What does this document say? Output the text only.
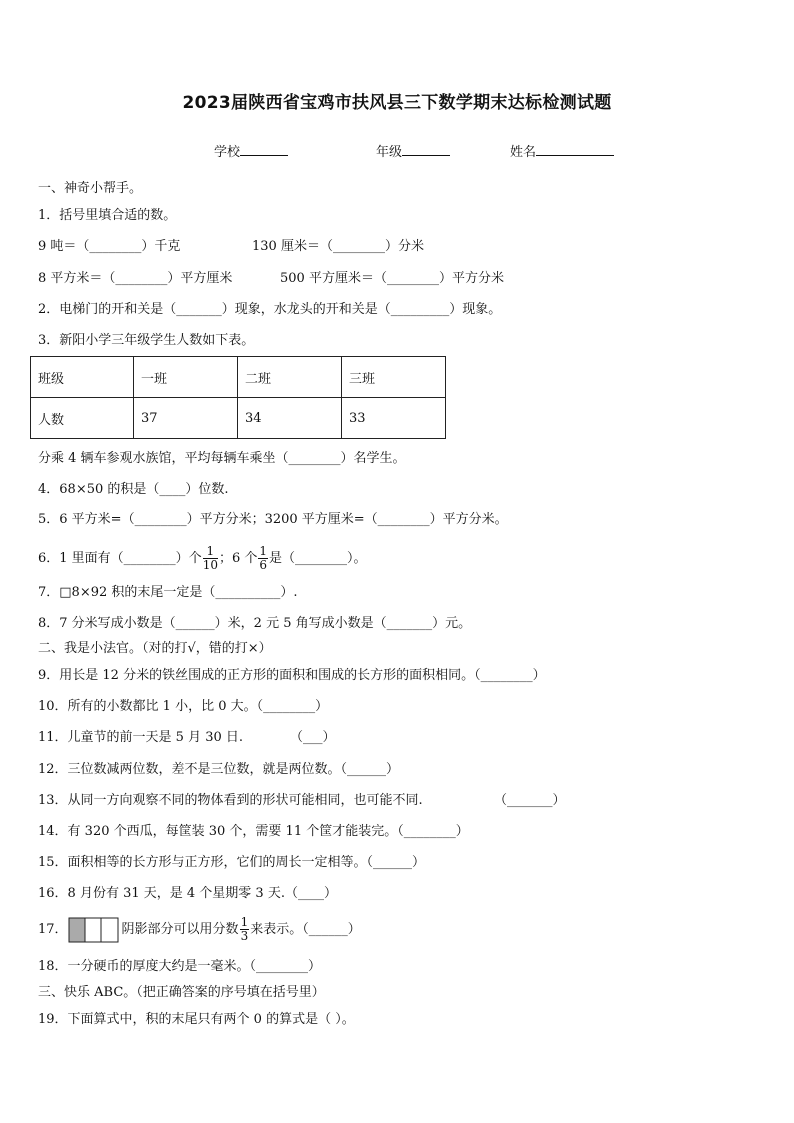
2023届陕西省宝鸡市扶风县三下数学期末达标检测试题
学校	年级	姓名
一、神奇小帮手。
1．括号里填合适的数。
9 吨＝（________）千克	130 厘米＝（________）分米
8 平方米＝（________）平方厘米	500 平方厘米＝（________）平方分米
2．电梯门的开和关是（_______）现象，水龙头的开和关是（_________）现象。
3．新阳小学三年级学生人数如下表。
班级	一班	二班	三班
人数	37	34	33
分乘 4 辆车参观水族馆，平均每辆车乘坐（________）名学生。
4．68×50 的积是（____）位数.
5．6 平方米=（________）平方分米；3200 平方厘米=（________）平方分米。
6．1 里面有（________）个 $\frac{1}{10}$ ；6 个 $\frac{1}{6}$ 是（________）。
7．□8×92 积的末尾一定是（__________）.
8．7 分米写成小数是（______）米，2 元 5 角写成小数是（_______）元。
二、我是小法官。（对的打√，错的打×）
9．用长是 12 分米的铁丝围成的正方形的面积和围成的长方形的面积相同。（________）
10．所有的小数都比 1 小，比 0 大。（________）
11．儿童节的前一天是 5 月 30 日.	（___）
12．三位数减两位数，差不是三位数，就是两位数。（______）
13．从同一方向观察不同的物体看到的形状可能相同，也可能不同.	（_______）
14．有 320 个西瓜，每筐装 30 个，需要 11 个筐才能装完。（________）
15．面积相等的长方形与正方形，它们的周长一定相等。（______）
16．8 月份有 31 天，是 4 个星期零 3 天.（____）
17．	阴影部分可以用分数 $\frac{1}{3}$ 来表示。（______）
18．一分硬币的厚度大约是一毫米。（________）
三、快乐 ABC。（把正确答案的序号填在括号里）
19．下面算式中，积的末尾只有两个 0 的算式是（ ）。
